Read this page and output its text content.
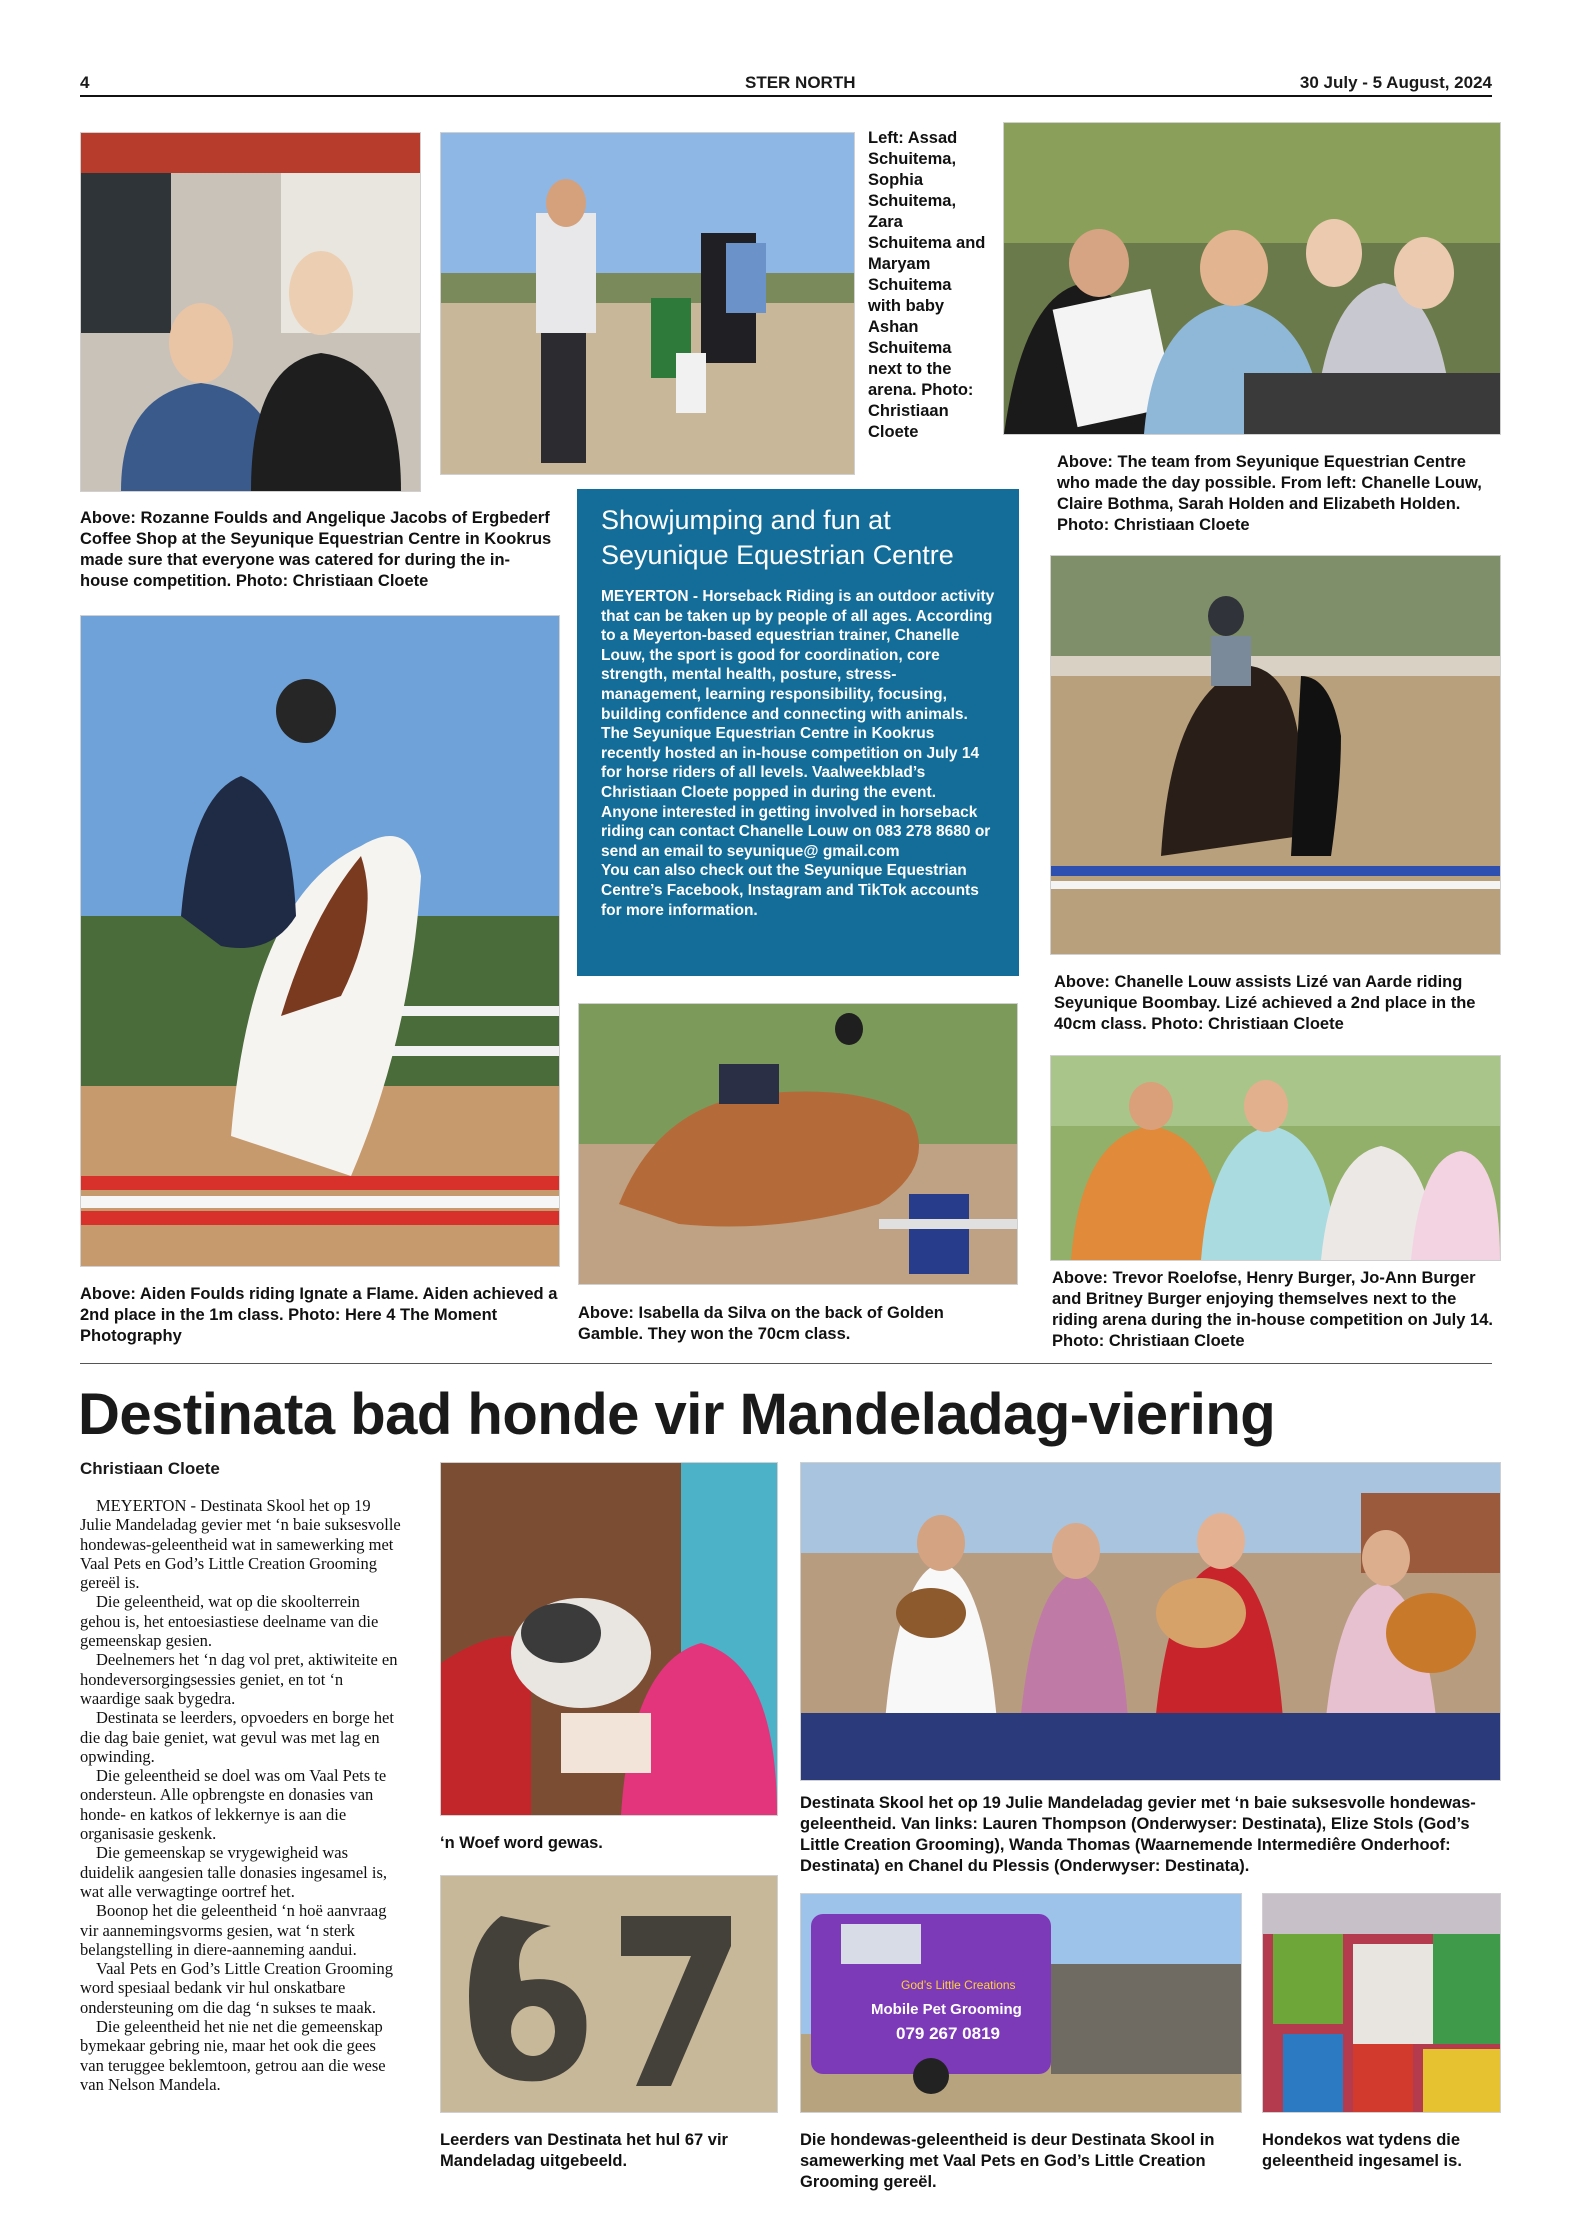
4	STER NORTH	30 July - 5 August, 2024
Above: Rozanne Foulds and Angelique Jacobs of Ergbederf Coffee Shop at the Seyunique Equestrian Centre in Kookrus made sure that everyone was catered for during the in-house competition. Photo: Christiaan Cloete
Left: Assad Schuitema, Sophia Schuitema, Zara Schuitema and Maryam Schuitema with baby Ashan Schuitema next to the arena. Photo: Christiaan Cloete
Above: The team from Seyunique Equestrian Centre who made the day possible. From left: Chanelle Louw, Claire Bothma, Sarah Holden and Elizabeth Holden. Photo: Christiaan Cloete
Above: Aiden Foulds riding Ignate a Flame. Aiden achieved a 2nd place in the 1m class. Photo: Here 4 The Moment Photography
Above: Chanelle Louw assists Lizé van Aarde riding Seyunique Boombay. Lizé achieved a 2nd place in the 40cm class. Photo: Christiaan Cloete
Above: Isabella da Silva on the back of Golden Gamble. They won the 70cm class.
Above: Trevor Roelofse, Henry Burger, Jo-Ann Burger and Britney Burger enjoying themselves next to the riding arena during the in-house competition on July 14. Photo: Christiaan Cloete
Showjumping and fun at Seyunique Equestrian Centre

MEYERTON - Horseback Riding is an outdoor activity that can be taken up by people of all ages. According to a Meyerton-based equestrian trainer, Chanelle Louw, the sport is good for coordination, core strength, mental health, posture, stress-management, learning responsibility, focusing, building confidence and connecting with animals.

The Seyunique Equestrian Centre in Kookrus recently hosted an in-house competition on July 14 for horse riders of all levels. Vaalweekblad’s Christiaan Cloete popped in during the event.

Anyone interested in getting involved in horseback riding can contact Chanelle Louw on 083 278 8680 or send an email to seyunique@ gmail.com

You can also check out the Seyunique Equestrian Centre’s Facebook, Instagram and TikTok accounts for more information.

Destinata bad honde vir Mandeladag-viering
Christiaan Cloete

MEYERTON - Destinata Skool het op 19 Julie Mandeladag gevier met ‘n baie suksesvolle hondewas-geleentheid wat in samewerking met Vaal Pets en God’s Little Creation Grooming gereël is.

Die geleentheid, wat op die skoolterrein gehou is, het entoesiastiese deelname van die gemeenskap gesien.

Deelnemers het ‘n dag vol pret, aktiwiteite en hondeversorgingsessies geniet, en tot ‘n waardige saak bygedra.

Destinata se leerders, opvoeders en borge het die dag baie geniet, wat gevul was met lag en opwinding.

Die geleentheid se doel was om Vaal Pets te ondersteun. Alle opbrengste en donasies van honde- en katkos of lekkernye is aan die organisasie geskenk.

Die gemeenskap se vrygewigheid was duidelik aangesien talle donasies ingesamel is, wat alle verwagtinge oortref het.

Boonop het die geleentheid ‘n hoë aanvraag vir aannemingsvorms gesien, wat ‘n sterk belangstelling in diere-aanneming aandui.

Vaal Pets en God’s Little Creation Grooming word spesiaal bedank vir hul onskatbare ondersteuning om die dag ‘n sukses te maak.

Die geleentheid het nie net die gemeenskap bymekaar gebring nie, maar het ook die gees van teruggee beklemtoon, getrou aan die wese van Nelson Mandela.

‘n Woef word gewas.
Destinata Skool het op 19 Julie Mandeladag gevier met ‘n baie suksesvolle hondewas-geleentheid. Van links: Lauren Thompson (Onderwyser: Destinata), Elize Stols (God’s Little Creation Grooming), Wanda Thomas (Waarnemende Intermediêre Onderhoof: Destinata) en Chanel du Plessis (Onderwyser: Destinata).
Leerders van Destinata het hul 67 vir Mandeladag uitgebeeld.
God’s Little Creations
Mobile Pet Grooming
079 267 0819
Die hondewas-geleentheid is deur Destinata Skool in samewerking met Vaal Pets en God’s Little Creation Grooming gereël.
Hondekos wat tydens die geleentheid ingesamel is.
